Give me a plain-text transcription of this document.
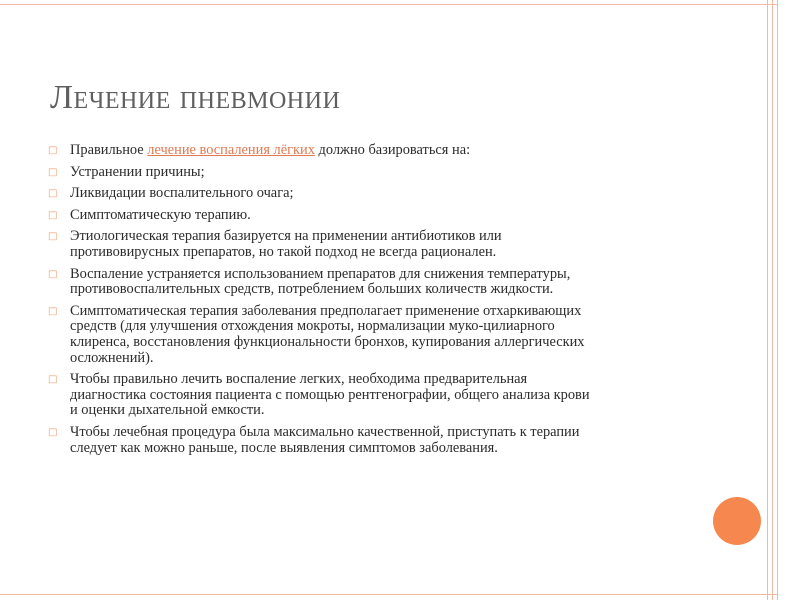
Лечение пневмонии
□ Правильное лечение воспаления лёгких должно базироваться на:
□ Устранении причины;
□ Ликвидации воспалительного очага;
□ Симптоматическую терапию.
□ Этиологическая терапия базируется на применении антибиотиков или
противовирусных препаратов, но такой подход не всегда рационален.
□ Воспаление устраняется использованием препаратов для снижения температуры,
противовоспалительных средств, потреблением больших количеств жидкости.
□ Симптоматическая терапия заболевания предполагает применение отхаркивающих
средств (для улучшения отхождения мокроты, нормализации муко-цилиарного
клиренса, восстановления функциональности бронхов, купирования аллергических
осложнений).
□ Чтобы правильно лечить воспаление легких, необходима предварительная
диагностика состояния пациента с помощью рентгенографии, общего анализа крови
и оценки дыхательной емкости.
□ Чтобы лечебная процедура была максимально качественной, приступать к терапии
следует как можно раньше, после выявления симптомов заболевания.
